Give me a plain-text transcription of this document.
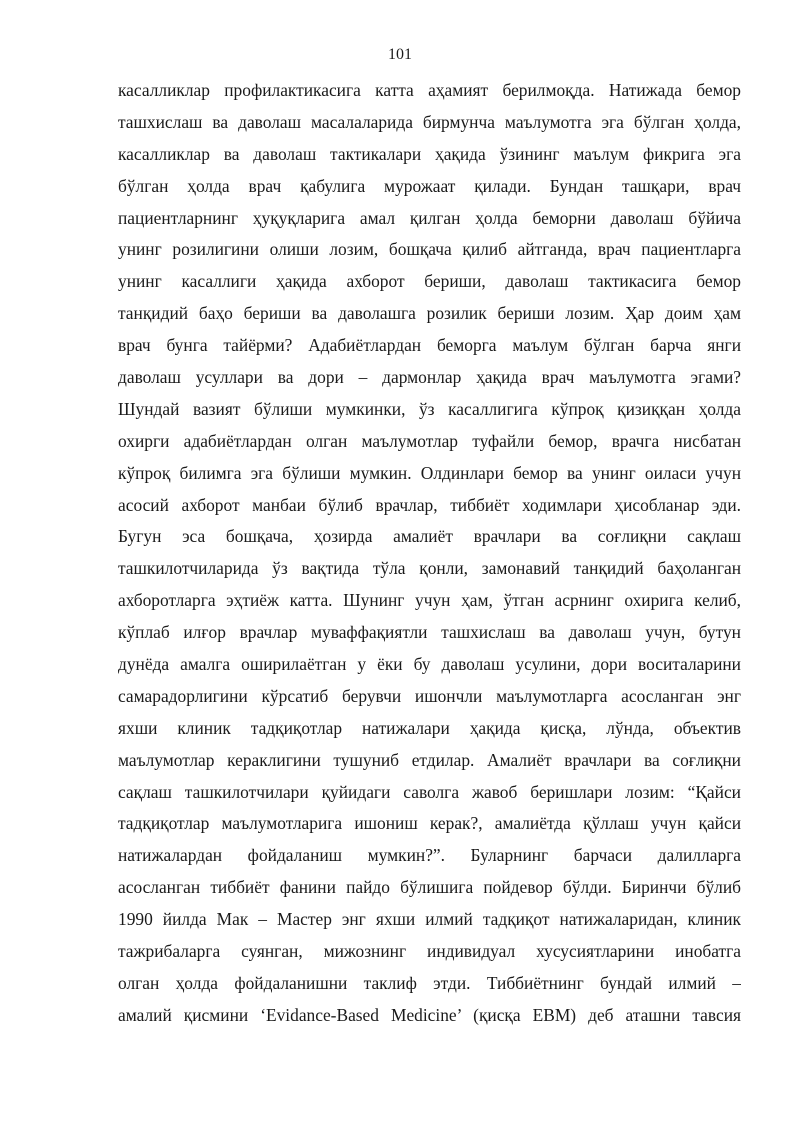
101
касалликлар профилактикасига катта аҳамият берилмоқда. Натижада бемор
ташхислаш ва даволаш масалаларида бирмунча маълумотга эга бўлган ҳолда,
касалликлар ва даволаш тактикалари ҳақида ўзининг маълум фикрига эга
бўлган ҳолда врач қабулига мурожаат қилади. Бундан ташқари, врач
пациентларнинг ҳуқуқларига амал қилган ҳолда беморни даволаш бўйича
унинг розилигини олиши лозим, бошқача қилиб айтганда, врач пациентларга
унинг касаллиги ҳақида ахборот бериши, даволаш тактикасига бемор
танқидий баҳо бериши ва даволашга розилик бериши лозим. Ҳар доим ҳам
врач бунга тайёрми? Адабиётлардан беморга маълум бўлган барча янги
даволаш усуллари ва дори – дармонлар ҳақида врач маълумотга эгами?
Шундай вазият бўлиши мумкинки, ўз касаллигига кўпроқ қизиққан ҳолда
охирги адабиётлардан олган маълумотлар туфайли бемор, врачга нисбатан
кўпроқ билимга эга бўлиши мумкин. Олдинлари бемор ва унинг оиласи учун
асосий ахборот манбаи бўлиб врачлар, тиббиёт ходимлари ҳисобланар эди.
Бугун эса бошқача, ҳозирда амалиёт врачлари ва соғлиқни сақлаш
ташкилотчиларида ўз вақтида тўла қонли, замонавий танқидий баҳоланган
ахборотларга эҳтиёж катта. Шунинг учун ҳам, ўтган асрнинг охирига келиб,
кўплаб илғор врачлар муваффақиятли ташхислаш ва даволаш учун, бутун
дунёда амалга оширилаётган у ёки бу даволаш усулини, дори воситаларини
самарадорлигини кўрсатиб берувчи ишончли маълумотларга асосланган энг
яхши клиник тадқиқотлар натижалари ҳақида қисқа, лўнда, объектив
маълумотлар кераклигини тушуниб етдилар. Амалиёт врачлари ва соғлиқни
сақлаш ташкилотчилари қуйидаги саволга жавоб беришлари лозим: “Қайси
тадқиқотлар маълумотларига ишониш керак?, амалиётда қўллаш учун қайси
натижалардан фойдаланиш мумкин?”. Буларнинг барчаси далилларга
асосланган тиббиёт фанини пайдо бўлишига пойдевор бўлди. Биринчи бўлиб
1990 йилда Мак – Мастер энг яхши илмий тадқиқот натижаларидан, клиник
тажрибаларга суянган, мижознинг индивидуал хусусиятларини инобатга
олган ҳолда фойдаланишни таклиф этди. Тиббиётнинг бундай илмий –
амалий қисмини ‘Evidance-Based Medicine’ (қисқа EBM) деб аташни тавсия
